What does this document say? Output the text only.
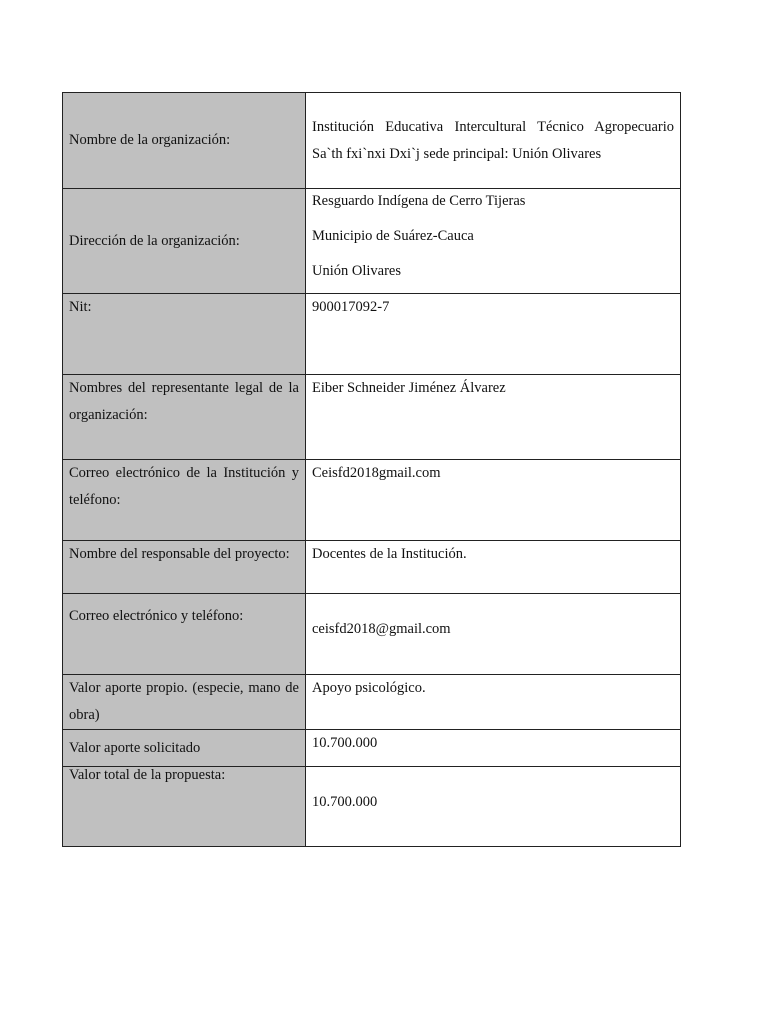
Nombre de la organización:	Institución Educativa Intercultural Técnico Agropecuario
Sa`th fxi`nxi Dxi`j sede principal: Unión Olivares

Dirección de la organización:	Resguardo Indígena de Cerro Tijeras
Municipio de Suárez-Cauca
Unión Olivares

Nit:	900017092-7
Nombres del representante legal de la organización:	Eiber Schneider Jiménez Álvarez
Correo electrónico de la Institución y teléfono:	Ceisfd2018gmail.com
Nombre del responsable del proyecto:	Docentes de la Institución.
Correo electrónico y teléfono:	ceisfd2018@gmail.com
Valor aporte propio. (especie, mano de obra)	Apoyo psicológico.
Valor aporte solicitado	10.700.000
Valor total de la propuesta:	10.700.000
